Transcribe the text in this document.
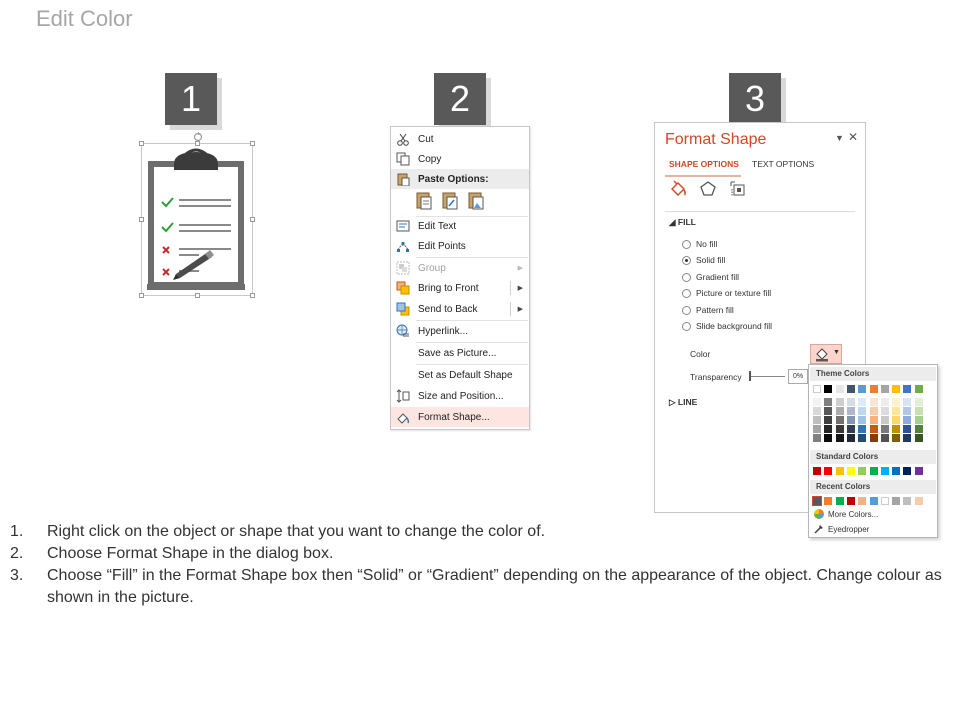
Edit Color
1	2	3
Cut
Copy
Paste Options:
Edit Text
Edit Points
Group	▶
Bring to Front	▶
Send to Back	▶
Hyperlink...
Save as Picture...
Set as Default Shape
Size and Position...
Format Shape...
Format Shape	▼ ✕
SHAPE OPTIONS TEXT OPTIONS
◢ FILL
No fill
Solid fill
Gradient fill
Picture or texture fill
Pattern fill
Slide background fill
Color	▼
Transparency	0%
▷ LINE
Theme Colors
Standard Colors
Recent Colors
More Colors...
Eyedropper
1. Right click on the object or shape that you want to change the color of.
2. Choose Format Shape in the dialog box.
3. Choose “Fill” in the Format Shape box then “Solid” or “Gradient” depending on the appearance of the object. Change colour as shown in the picture.
